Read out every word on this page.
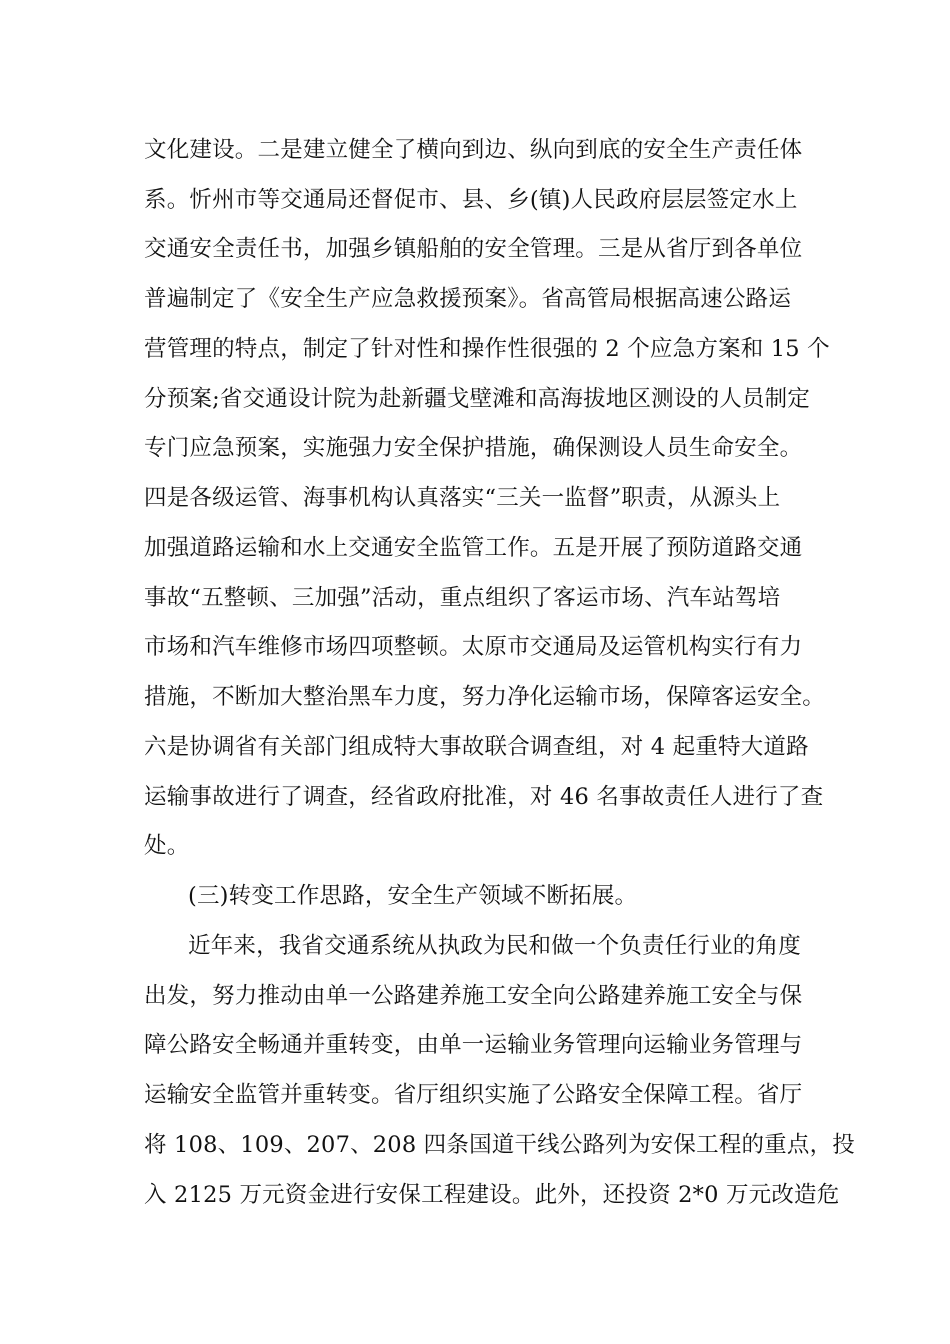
文化建设。二是建立健全了横向到边、纵向到底的安全生产责任体
系。忻州市等交通局还督促市、县、乡(镇)人民政府层层签定水上
交通安全责任书，加强乡镇船舶的安全管理。三是从省厅到各单位
普遍制定了《安全生产应急救援预案》。省高管局根据高速公路运
营管理的特点，制定了针对性和操作性很强的 2 个应急方案和 15 个
分预案;省交通设计院为赴新疆戈壁滩和高海拔地区测设的人员制定
专门应急预案，实施强力安全保护措施，确保测设人员生命安全。
四是各级运管、海事机构认真落实“三关一监督”职责，从源头上
加强道路运输和水上交通安全监管工作。五是开展了预防道路交通
事故“五整顿、三加强”活动，重点组织了客运市场、汽车站驾培
市场和汽车维修市场四项整顿。太原市交通局及运管机构实行有力
措施，不断加大整治黑车力度，努力净化运输市场，保障客运安全。
六是协调省有关部门组成特大事故联合调查组，对 4 起重特大道路
运输事故进行了调查，经省政府批准，对 46 名事故责任人进行了查
处。
(三)转变工作思路，安全生产领域不断拓展。
近年来，我省交通系统从执政为民和做一个负责任行业的角度
出发，努力推动由单一公路建养施工安全向公路建养施工安全与保
障公路安全畅通并重转变，由单一运输业务管理向运输业务管理与
运输安全监管并重转变。省厅组织实施了公路安全保障工程。省厅
将 108、109、207、208 四条国道干线公路列为安保工程的重点，投
入 2125 万元资金进行安保工程建设。此外，还投资 2*0 万元改造危
